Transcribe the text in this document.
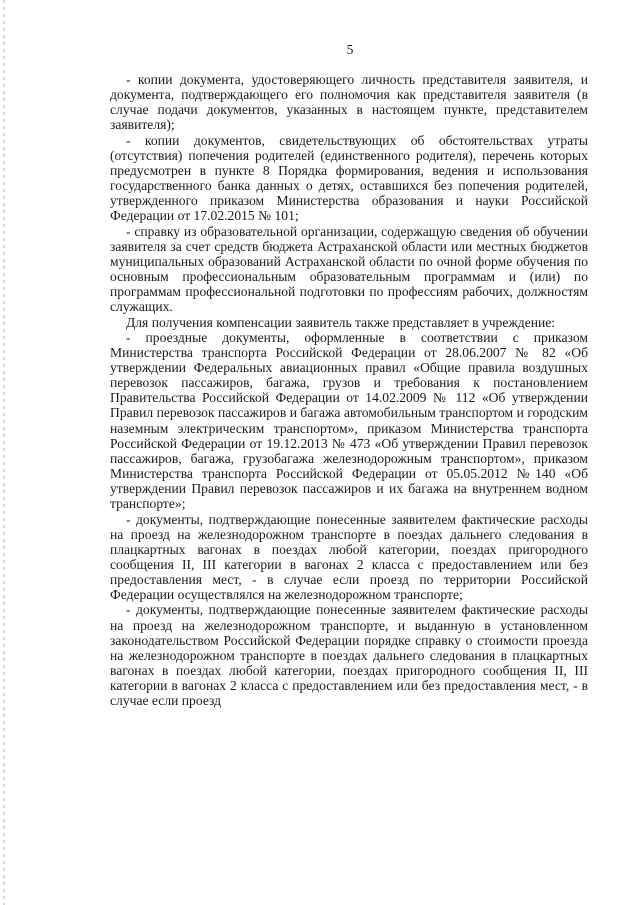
5

- копии документа, удостоверяющего личность представителя заявителя, и документа, подтверждающего его полномочия как представителя заявителя (в случае подачи документов, указанных в настоящем пункте, представителем заявителя);

- копии документов, свидетельствующих об обстоятельствах утраты (отсутствия) попечения родителей (единственного родителя), перечень которых предусмотрен в пункте 8 Порядка формирования, ведения и использования государственного банка данных о детях, оставшихся без попечения родителей, утвержденного приказом Министерства образования и науки Российской Федерации от 17.02.2015 № 101;

- справку из образовательной организации, содержащую сведения об обучении заявителя за счет средств бюджета Астраханской области или местных бюджетов муниципальных образований Астраханской области по очной форме обучения по основным профессиональным образовательным программам и (или) по программам профессиональной подготовки по профессиям рабочих, должностям служащих.

Для получения компенсации заявитель также представляет в учреждение:

- проездные документы, оформленные в соответствии с приказом Министерства транспорта Российской Федерации от 28.06.2007 № 82 «Об утверждении Федеральных авиационных правил «Общие правила воздушных перевозок пассажиров, багажа, грузов и требования к постановлением Правительства Российской Федерации от 14.02.2009 № 112 «Об утверждении Правил перевозок пассажиров и багажа автомобильным транспортом и городским наземным электрическим транспортом», приказом Министерства транспорта Российской Федерации от 19.12.2013 № 473 «Об утверждении Правил перевозок пассажиров, багажа, грузобагажа железнодорожным транспортом», приказом Министерства транспорта Российской Федерации от 05.05.2012 №140 «Об утверждении Правил перевозок пассажиров и их багажа на внутреннем водном транспорте»;

- документы, подтверждающие понесенные заявителем фактические расходы на проезд на железнодорожном транспорте в поездах дальнего следования в плацкартных вагонах в поездах любой категории, поездах пригородного сообщения II, III категории в вагонах 2 класса с предоставлением или без предоставления мест, - в случае если проезд по территории Российской Федерации осуществлялся на железнодорожном транспорте;

- документы, подтверждающие понесенные заявителем фактические расходы на проезд на железнодорожном транспорте, и выданную в установленном законодательством Российской Федерации порядке справку о стоимости проезда на железнодорожном транспорте в поездах дальнего следования в плацкартных вагонах в поездах любой категории, поездах пригородного сообщения II, III категории в вагонах 2 класса с предоставлением или без предоставления мест, - в случае если проезд
